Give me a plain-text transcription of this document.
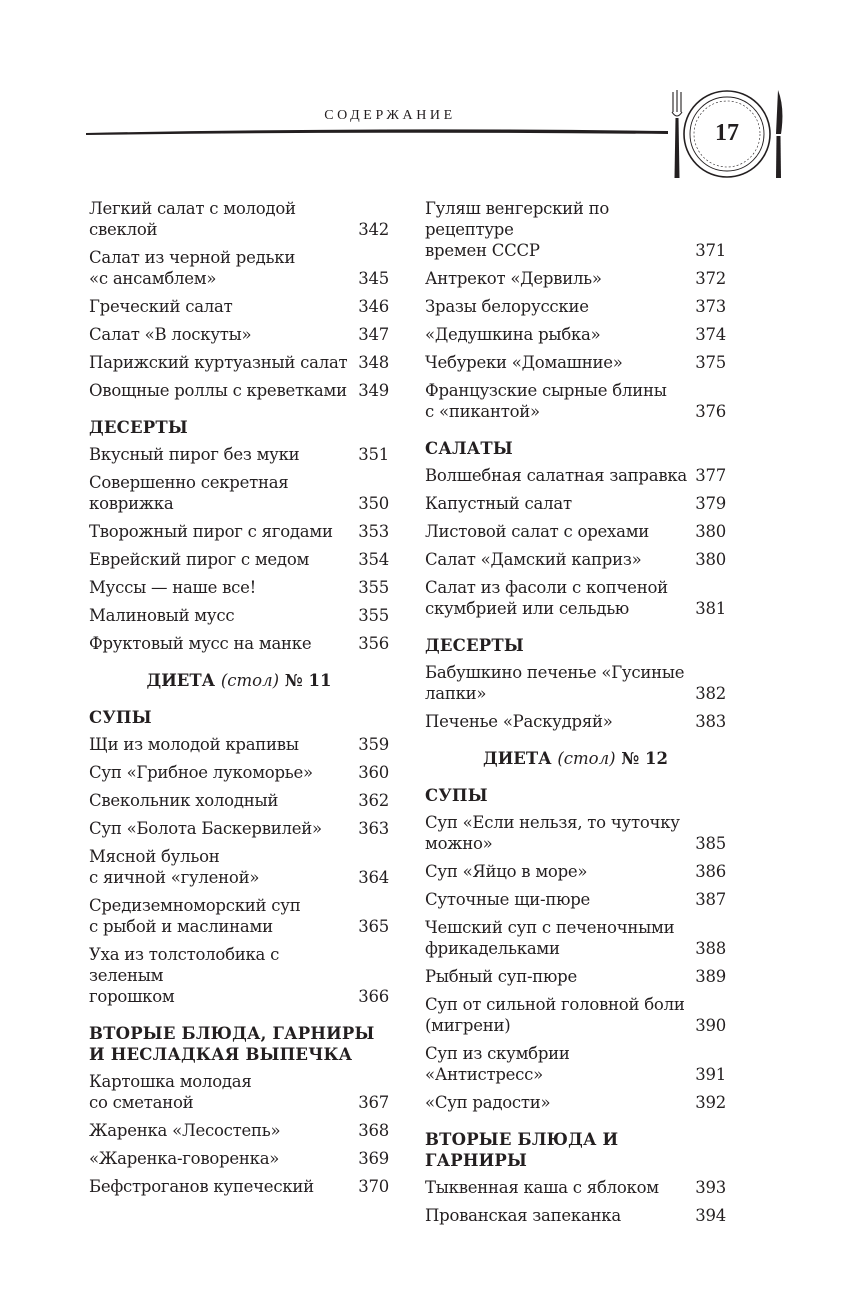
СОДЕРЖАНИЕ
17
Легкий салат с молодой
свеклой	342
Салат из черной редьки
«с ансамблем»	345
Греческий салат	346
Салат «В лоскуты»	347
Парижский куртуазный салат 348
Овощные роллы с креветками 349
ДЕСЕРТЫ
Вкусный пирог без муки	351
Совершенно секретная
коврижка	350
Творожный пирог с ягодами 353
Еврейский пирог с медом	354
Муссы — наше все!	355
Малиновый мусс	355
Фруктовый мусс на манке	356
ДИЕТА (стол) № 11
СУПЫ
Щи из молодой крапивы	359
Суп «Грибное лукоморье»	360
Свекольник холодный	362
Суп «Болота Баскервилей» 363
Мясной бульон
с яичной «гуленой»	364
Средиземноморский суп
с рыбой и маслинами	365
Уха из толстолобика с зеленым
горошком	366
ВТОРЫЕ БЛЮДА, ГАРНИРЫ
И НЕСЛАДКАЯ ВЫПЕЧКА
Картошка молодая
со сметаной	367
Жаренка «Лесостепь»	368
«Жаренка-говоренка»	369
Бефстроганов купеческий	370
Гуляш венгерский по рецептуре
времен СССР	371
Антрекот «Дервиль»	372
Зразы белорусские	373
«Дедушкина рыбка»	374
Чебуреки «Домашние»	375
Французские сырные блины
с «пикантой»	376
САЛАТЫ
Волшебная салатная заправка 377
Капустный салат	379
Листовой салат с орехами	380
Салат «Дамский каприз»	380
Салат из фасоли с копченой
скумбрией или сельдью	381
ДЕСЕРТЫ
Бабушкино печенье «Гусиные
лапки»	382
Печенье «Раскудряй»	383
ДИЕТА (стол) № 12
СУПЫ
Суп «Если нельзя, то чуточку
можно»	385
Суп «Яйцо в море»	386
Суточные щи-пюре	387
Чешский суп с печеночными
фрикадельками	388
Рыбный суп-пюре	389
Суп от сильной головной боли
(мигрени)	390
Суп из скумбрии
«Антистресс»	391
«Суп радости»	392
ВТОРЫЕ БЛЮДА И ГАРНИРЫ
Тыквенная каша с яблоком 393
Прованская запеканка	394
